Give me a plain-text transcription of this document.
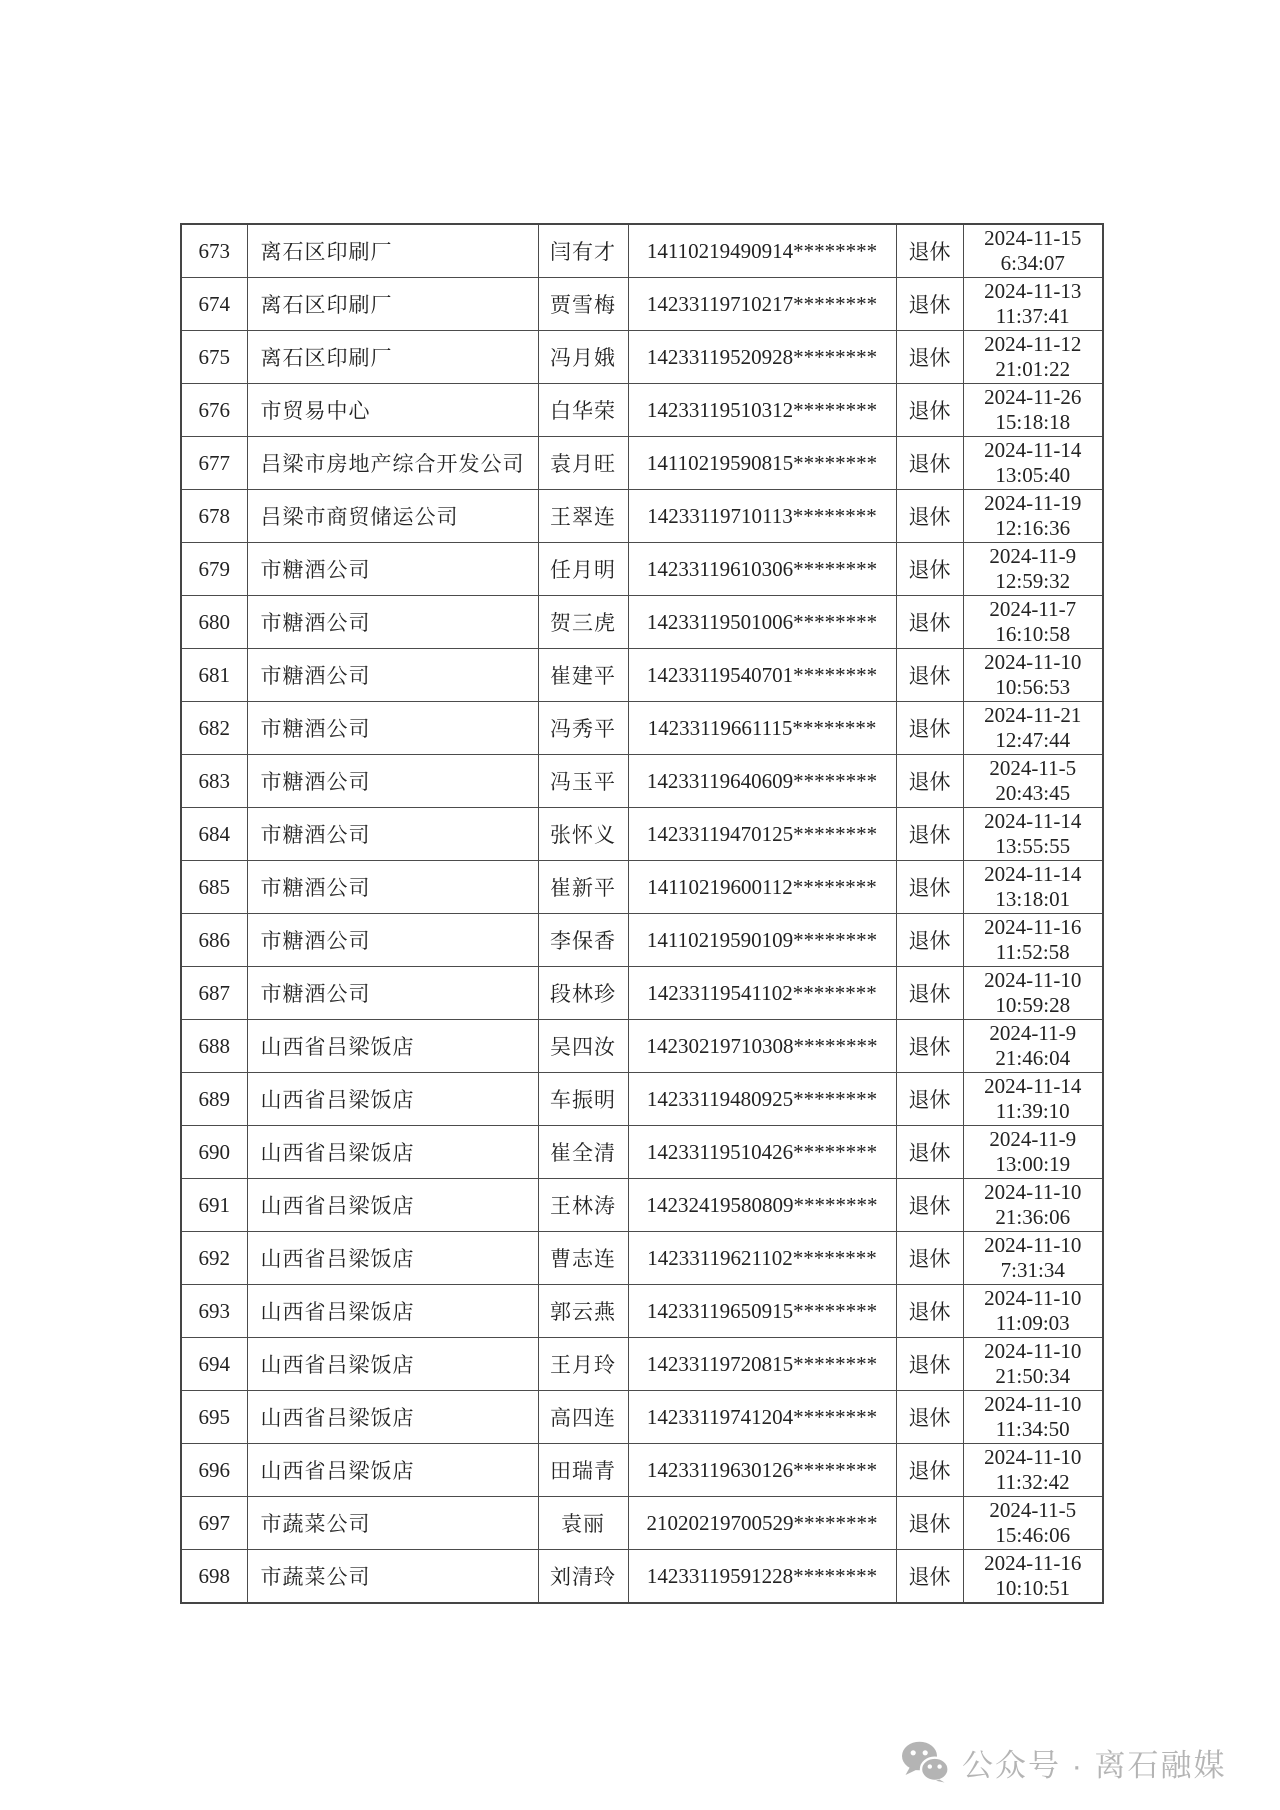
673	离石区印刷厂	闫有才	14110219490914********	退休	2024-11-15
6:34:07

674	离石区印刷厂	贾雪梅	14233119710217********	退休	2024-11-13
11:37:41

675	离石区印刷厂	冯月娥	14233119520928********	退休	2024-11-12
21:01:22

676	市贸易中心	白华荣	14233119510312********	退休	2024-11-26
15:18:18

677	吕梁市房地产综合开发公司	袁月旺	14110219590815********	退休	2024-11-14
13:05:40

678	吕梁市商贸储运公司	王翠连	14233119710113********	退休	2024-11-19
12:16:36

679	市糖酒公司	任月明	14233119610306********	退休	2024-11-9
12:59:32

680	市糖酒公司	贺三虎	14233119501006********	退休	2024-11-7
16:10:58

681	市糖酒公司	崔建平	14233119540701********	退休	2024-11-10
10:56:53

682	市糖酒公司	冯秀平	14233119661115********	退休	2024-11-21
12:47:44

683	市糖酒公司	冯玉平	14233119640609********	退休	2024-11-5
20:43:45

684	市糖酒公司	张怀义	14233119470125********	退休	2024-11-14
13:55:55

685	市糖酒公司	崔新平	14110219600112********	退休	2024-11-14
13:18:01

686	市糖酒公司	李保香	14110219590109********	退休	2024-11-16
11:52:58

687	市糖酒公司	段林珍	14233119541102********	退休	2024-11-10
10:59:28

688	山西省吕梁饭店	吴四汝	14230219710308********	退休	2024-11-9
21:46:04

689	山西省吕梁饭店	车振明	14233119480925********	退休	2024-11-14
11:39:10

690	山西省吕梁饭店	崔全清	14233119510426********	退休	2024-11-9
13:00:19

691	山西省吕梁饭店	王林涛	14232419580809********	退休	2024-11-10
21:36:06

692	山西省吕梁饭店	曹志连	14233119621102********	退休	2024-11-10
7:31:34

693	山西省吕梁饭店	郭云燕	14233119650915********	退休	2024-11-10
11:09:03

694	山西省吕梁饭店	王月玲	14233119720815********	退休	2024-11-10
21:50:34

695	山西省吕梁饭店	高四连	14233119741204********	退休	2024-11-10
11:34:50

696	山西省吕梁饭店	田瑞青	14233119630126********	退休	2024-11-10
11:32:42

697	市蔬菜公司	袁丽	21020219700529********	退休	2024-11-5
15:46:06

698	市蔬菜公司	刘清玲	14233119591228********	退休	2024-11-16
10:10:51
公众号 · 离石融媒
